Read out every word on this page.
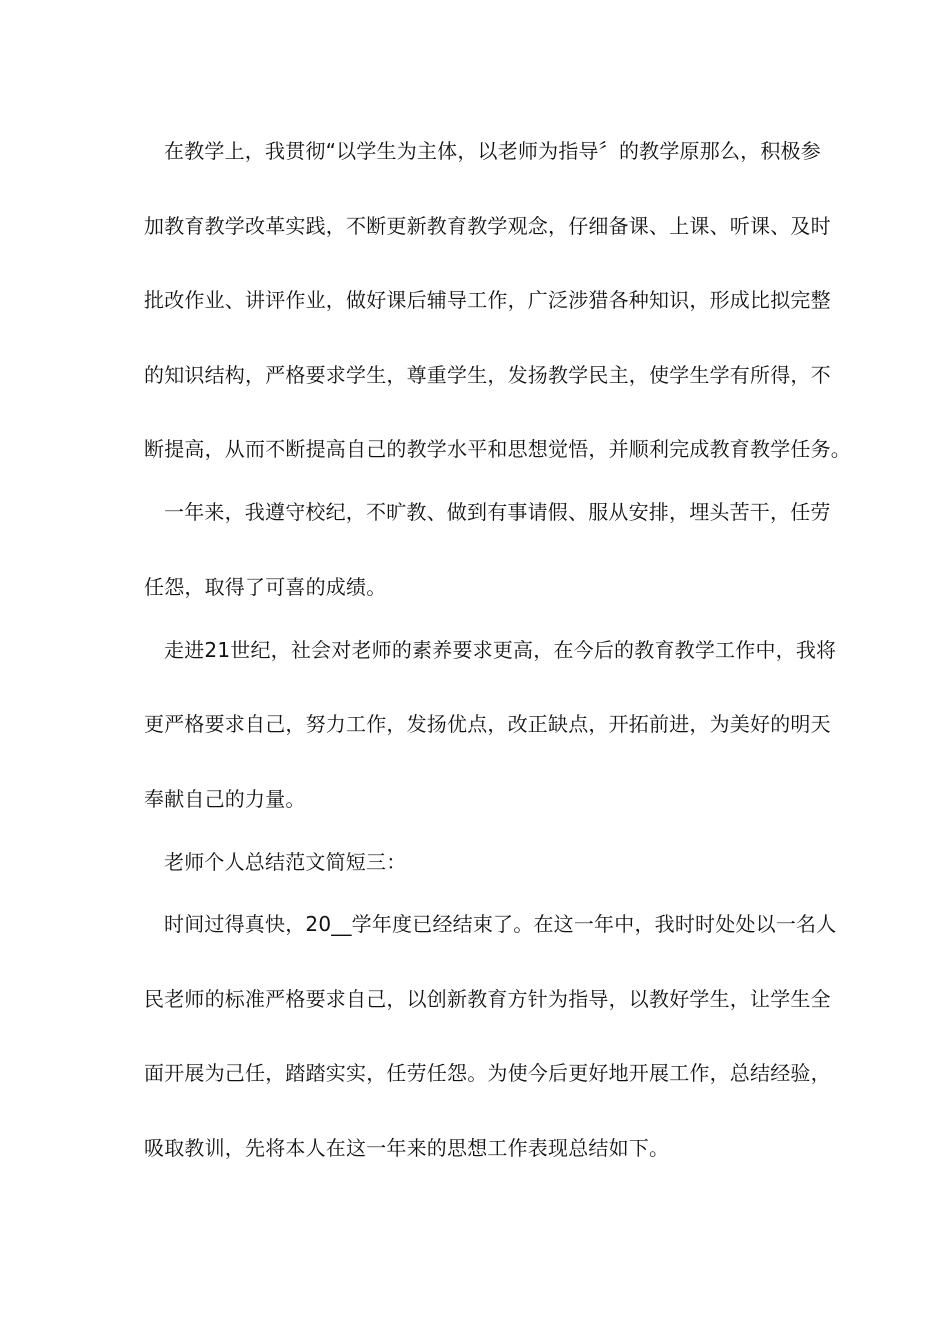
在教学上，我贯彻“以学生为主体，以老师为指导〞的教学原那么，积极参
加教育教学改革实践，不断更新教育教学观念，仔细备课、上课、听课、及时
批改作业、讲评作业，做好课后辅导工作，广泛涉猎各种知识，形成比拟完整
的知识结构，严格要求学生，尊重学生，发扬教学民主，使学生学有所得，不
断提高，从而不断提高自己的教学水平和思想觉悟，并顺利完成教育教学任务。
一年来，我遵守校纪，不旷教、做到有事请假、服从安排，埋头苦干，任劳
任怨，取得了可喜的成绩。
走进21世纪，社会对老师的素养要求更高，在今后的教育教学工作中，我将
更严格要求自己，努力工作，发扬优点，改正缺点，开拓前进，为美好的明天
奉献自己的力量。
老师个人总结范文简短三：
时间过得真快，20__学年度已经结束了。在这一年中，我时时处处以一名人
民老师的标准严格要求自己，以创新教育方针为指导，以教好学生，让学生全
面开展为己任，踏踏实实，任劳任怨。为使今后更好地开展工作，总结经验，
吸取教训，先将本人在这一年来的思想工作表现总结如下。
